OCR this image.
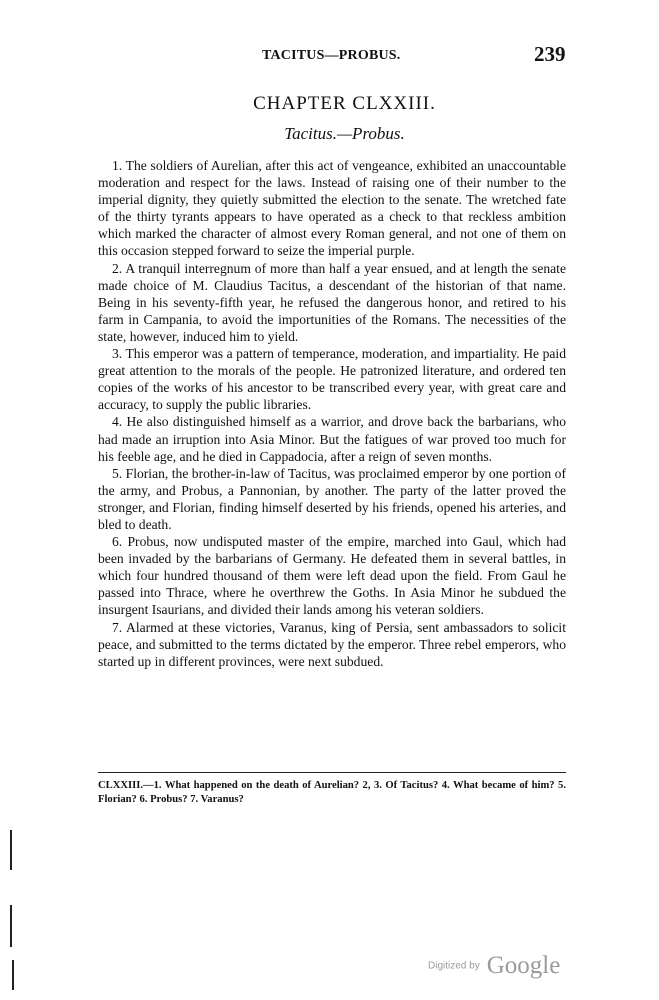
TACITUS—PROBUS.	239
CHAPTER CLXXIII.
Tacitus.—Probus.

1. The soldiers of Aurelian, after this act of vengeance, exhibited an unaccountable moderation and respect for the laws. Instead of raising one of their number to the imperial dignity, they quietly submitted the election to the senate. The wretched fate of the thirty tyrants appears to have operated as a check to that reckless ambition which marked the character of almost every Roman general, and not one of them on this occasion stepped forward to seize the imperial purple.

2. A tranquil interregnum of more than half a year ensued, and at length the senate made choice of M. Claudius Tacitus, a descendant of the historian of that name. Being in his seventy-fifth year, he refused the dangerous honor, and retired to his farm in Campania, to avoid the importunities of the Romans. The necessities of the state, however, induced him to yield.

3. This emperor was a pattern of temperance, moderation, and impartiality. He paid great attention to the morals of the people. He patronized literature, and ordered ten copies of the works of his ancestor to be transcribed every year, with great care and accuracy, to supply the public libraries.

4. He also distinguished himself as a warrior, and drove back the barbarians, who had made an irruption into Asia Minor. But the fatigues of war proved too much for his feeble age, and he died in Cappadocia, after a reign of seven months.

5. Florian, the brother-in-law of Tacitus, was proclaimed emperor by one portion of the army, and Probus, a Pannonian, by another. The party of the latter proved the stronger, and Florian, finding himself deserted by his friends, opened his arteries, and bled to death.

6. Probus, now undisputed master of the empire, marched into Gaul, which had been invaded by the barbarians of Germany. He defeated them in several battles, in which four hundred thousand of them were left dead upon the field. From Gaul he passed into Thrace, where he overthrew the Goths. In Asia Minor he subdued the insurgent Isaurians, and divided their lands among his veteran soldiers.

7. Alarmed at these victories, Varanus, king of Persia, sent ambassadors to solicit peace, and submitted to the terms dictated by the emperor. Three rebel emperors, who started up in different provinces, were next subdued.

CLXXIII.—1. What happened on the death of Aurelian? 2, 3. Of Tacitus? 4. What became of him? 5. Florian? 6. Probus? 7. Varanus?
Digitized by Google
